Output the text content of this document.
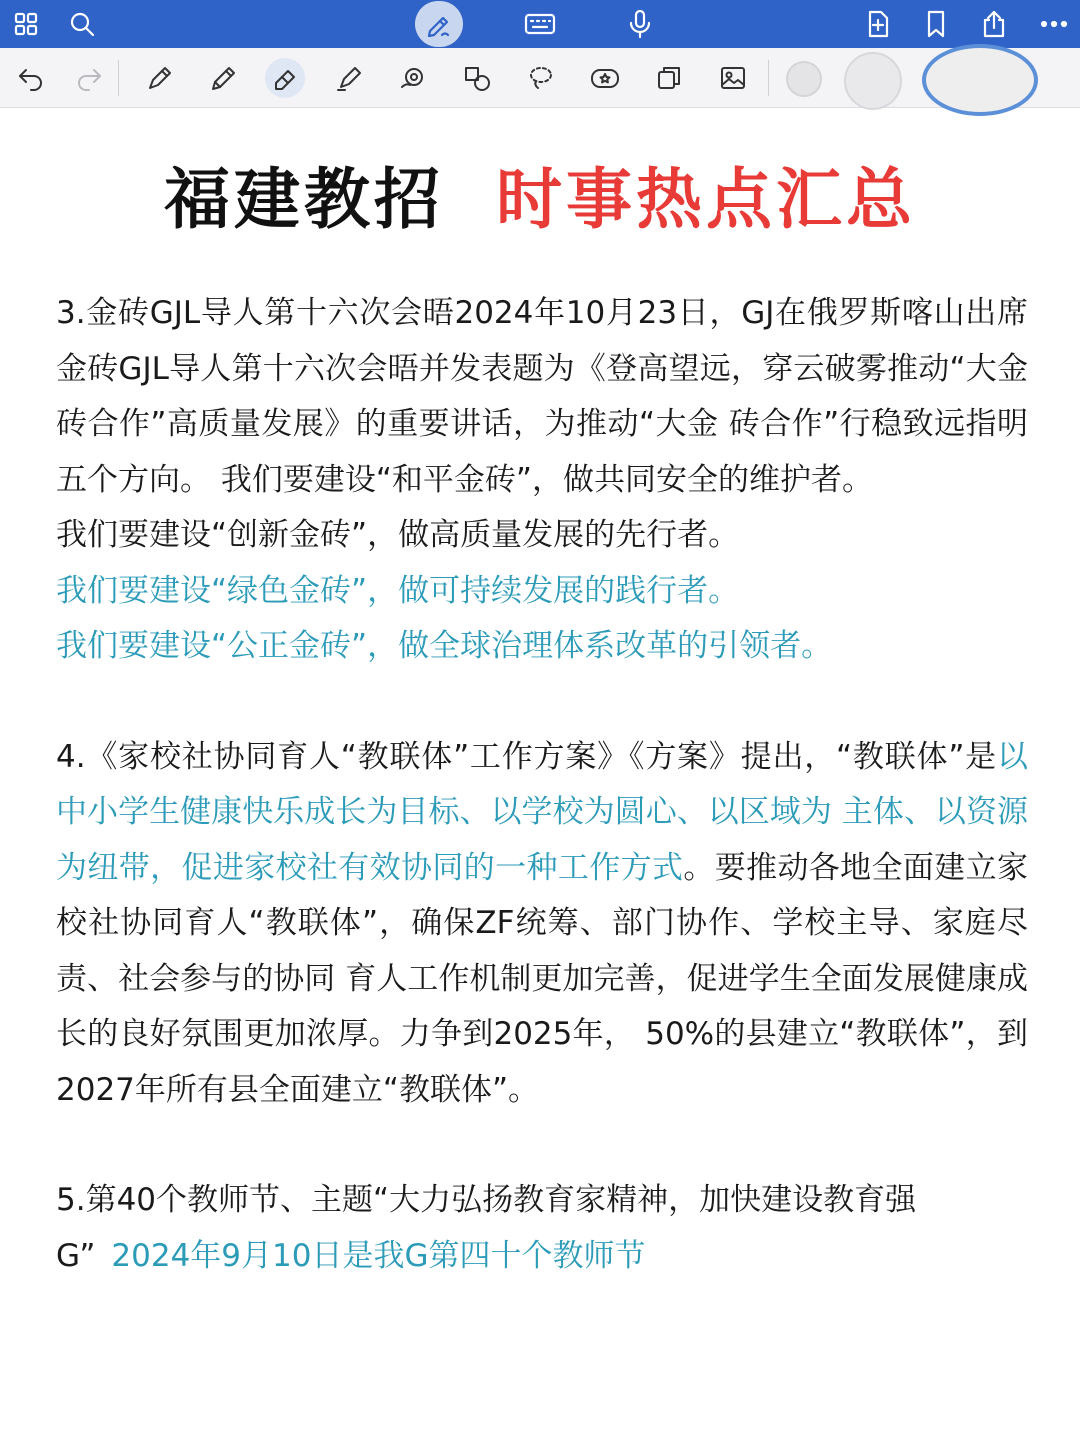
福建教招 时事热点汇总

3.金砖GJL导人第十六次会晤2024年10月23日，GJ在俄罗斯喀山出席金砖GJL导人第十六次会晤并发表题为《登高望远，穿云破雾推动“大金砖合作”高质量发展》的重要讲话，为推动“大金 砖合作”行稳致远指明五个方向。 我们要建设“和平金砖”，做共同安全的维护者。

我们要建设“创新金砖”，做高质量发展的先行者。

我们要建设“绿色金砖”，做可持续发展的践行者。

我们要建设“公正金砖”，做全球治理体系改革的引领者。

4.《家校社协同育人“教联体”工作方案》《方案》提出，“教联体”是以中小学生健康快乐成长为目标、以学校为圆心、以区域为 主体、以资源为纽带，促进家校社有效协同的一种工作方式。要推动各地全面建立家校社协同育人“教联体”，确保ZF统筹、部门协作、学校主导、家庭尽责、社会参与的协同 育人工作机制更加完善，促进学生全面发展健康成长的良好氛围更加浓厚。力争到2025年， 50%的县建立“教联体”，到2027年所有县全面建立“教联体”。

5.第40个教师节、主题“大力弘扬教育家精神，加快建设教育强G” 2024年9月10日是我G第四十个教师节
